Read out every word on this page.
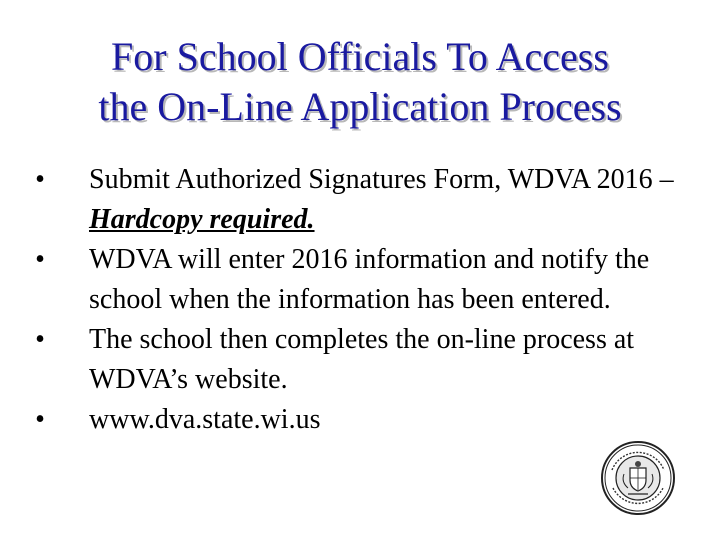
For School Officials To Access
the On-Line Application Process
• Submit Authorized Signatures Form, WDVA 2016 – Hardcopy required.
• WDVA will enter 2016 information and notify the school when the information has been entered.
• The school then completes the on-line process at WDVA’s website.
• www.dva.state.wi.us
